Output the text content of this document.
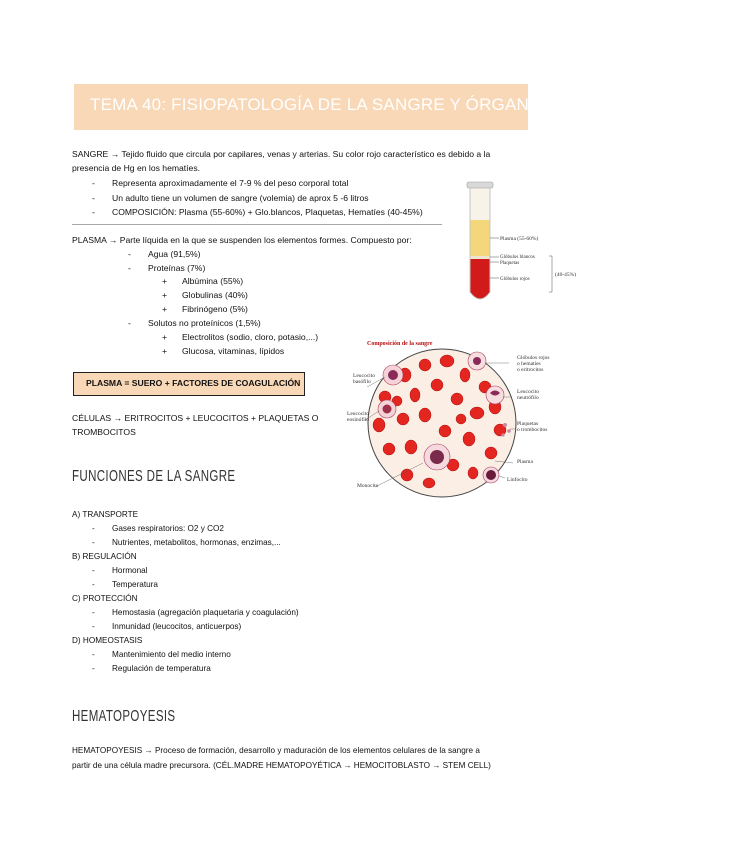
TEMA 40: FISIOPATOLOGÍA DE LA SANGRE Y ÓRGANOS HEMATOPOYÉTICOS
SANGRE → Tejido fluido que circula por capilares, venas y arterias. Su color rojo característico es debido a la
presencia de Hg en los hematíes.
- Representa aproximadamente el 7-9 % del peso corporal total
- Un adulto tiene un volumen de sangre (volemia) de aprox 5 -6 litros
- COMPOSICIÓN: Plasma (55-60%) + Glo.blancos, Plaquetas, Hematíes (40-45%)
PLASMA → Parte líquida en la que se suspenden los elementos formes. Compuesto por:
- Agua (91,5%)
- Proteínas (7%)
+ Albúmina (55%)
+ Globulinas (40%)
+ Fibrinógeno (5%)
- Solutos no proteínicos (1,5%)
+ Electrolitos (sodio, cloro, potasio,...)
+ Glucosa, vitaminas, lípidos
PLASMA = SUERO + FACTORES DE COAGULACIÓN
CÉLULAS → ERITROCITOS + LEUCOCITOS + PLAQUETAS O
TROMBOCITOS
Plasma (55-60%)
Glóbulos blancos
Plaquetas
Glóbulos rojos
(40-45%)
Composición de la sangre
Leucocito basófilo
Leucocito eosinófilo
Monocito
Glóbulos rojos o hematíes o eritrocitos
Leucocito neutrófilo
Plaquetas o trombocitos
Plasma
Linfocito
FUNCIONES DE LA SANGRE
A) TRANSPORTE
- Gases respiratorios: O2 y CO2
- Nutrientes, metabolitos, hormonas, enzimas,...
B) REGULACIÓN
- Hormonal
- Temperatura
C) PROTECCIÓN
- Hemostasia (agregación plaquetaria y coagulación)
- Inmunidad (leucocitos, anticuerpos)
D) HOMEOSTASIS
- Mantenimiento del medio interno
- Regulación de temperatura
HEMATOPOYESIS
HEMATOPOYESIS → Proceso de formación, desarrollo y maduración de los elementos celulares de la sangre a
partir de una célula madre precursora. (CÉL.MADRE HEMATOPOYÉTICA → HEMOCITOBLASTO → STEM CELL)
